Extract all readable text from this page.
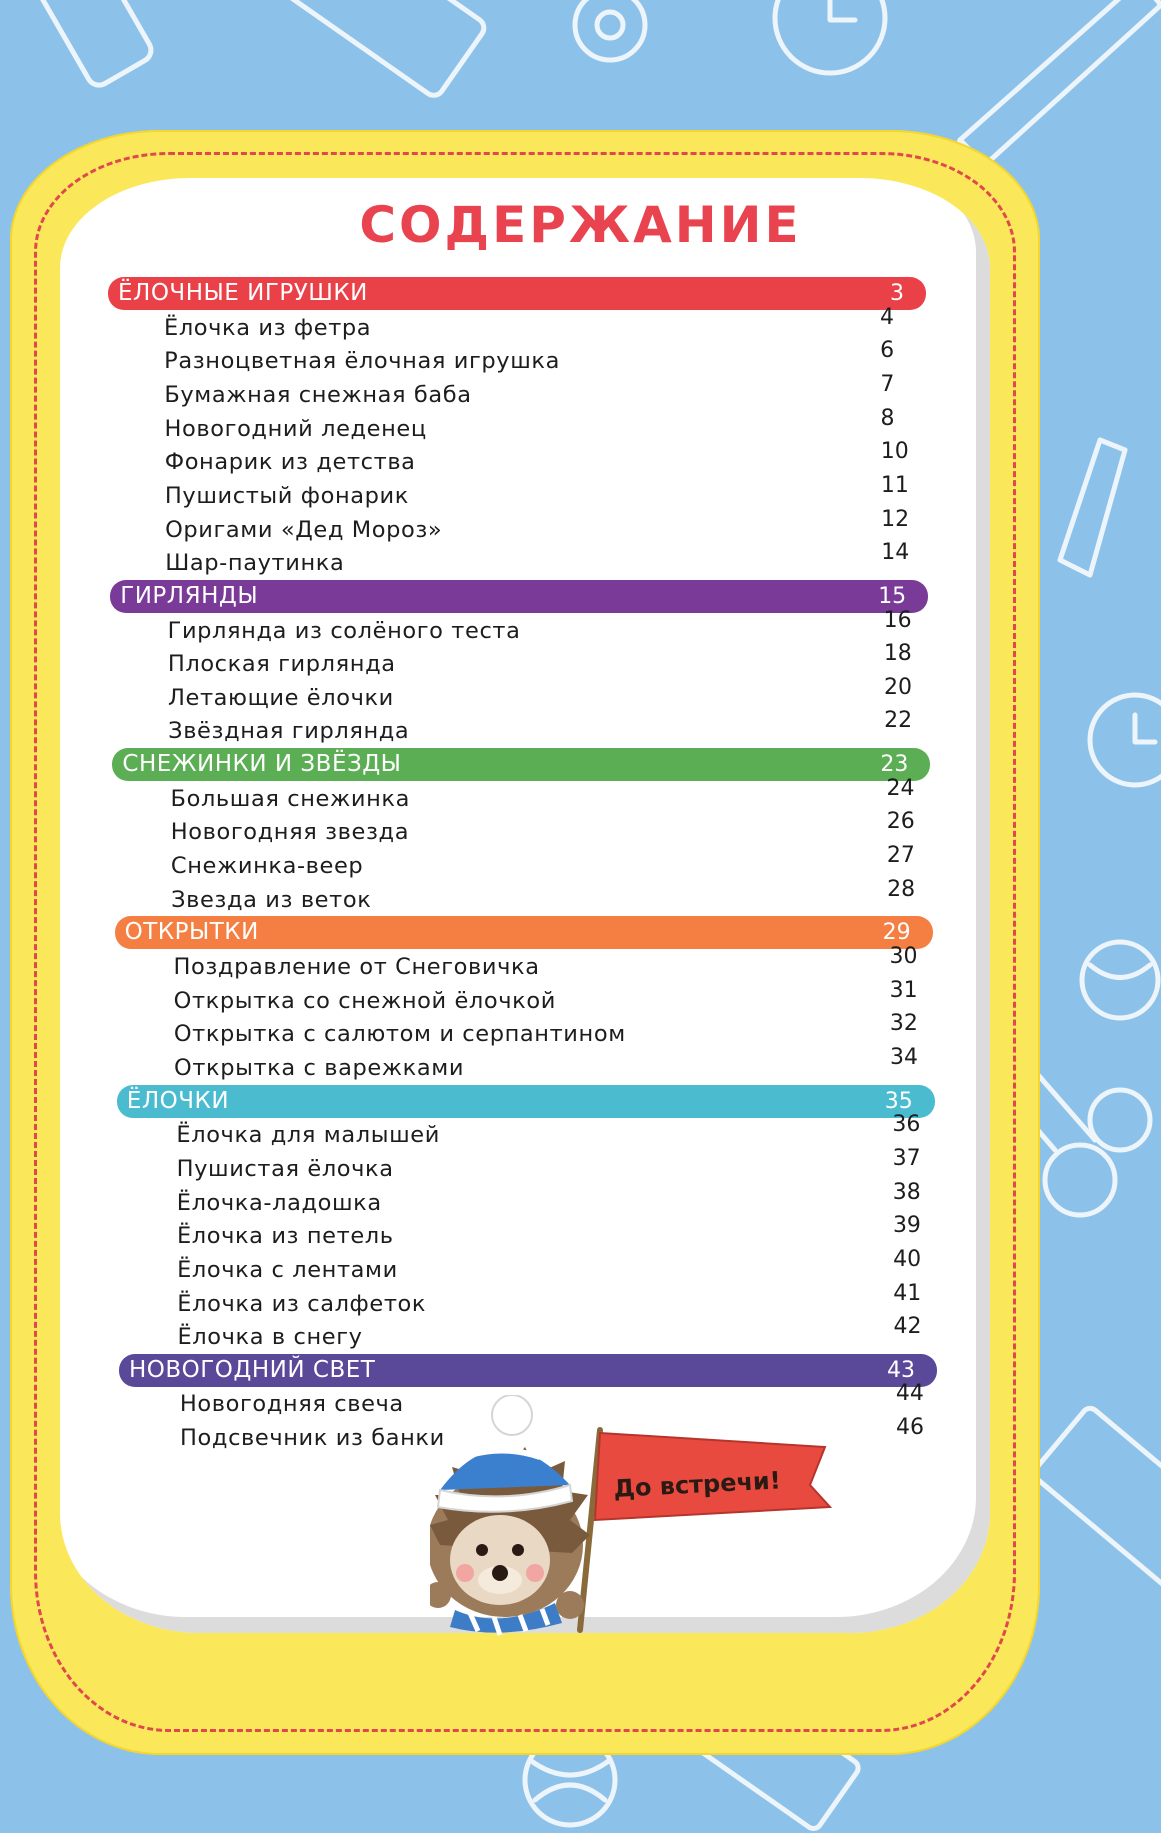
СОДЕРЖАНИЕ
ЁЛОЧНЫЕ ИГРУШКИ	3
Ёлочка из фетра	4
Разноцветная ёлочная игрушка	6
Бумажная снежная баба	7
Новогодний леденец	8
Фонарик из детства	10
Пушистый фонарик	11
Оригами «Дед Мороз»	12
Шар-паутинка	14
ГИРЛЯНДЫ	15
Гирлянда из солёного теста	16
Плоская гирлянда	18
Летающие ёлочки	20
Звёздная гирлянда	22
СНЕЖИНКИ И ЗВЁЗДЫ	23
Большая снежинка	24
Новогодняя звезда	26
Снежинка-веер	27
Звезда из веток	28
ОТКРЫТКИ	29
Поздравление от Снеговичка	30
Открытка со снежной ёлочкой	31
Открытка с салютом и серпантином	32
Открытка с варежками	34
ЁЛОЧКИ	35
Ёлочка для малышей	36
Пушистая ёлочка	37
Ёлочка-ладошка	38
Ёлочка из петель	39
Ёлочка с лентами	40
Ёлочка из салфеток	41
Ёлочка в снегу	42
НОВОГОДНИЙ СВЕТ	43
Новогодняя свеча	44
Подсвечник из банки	46
До встречи!
